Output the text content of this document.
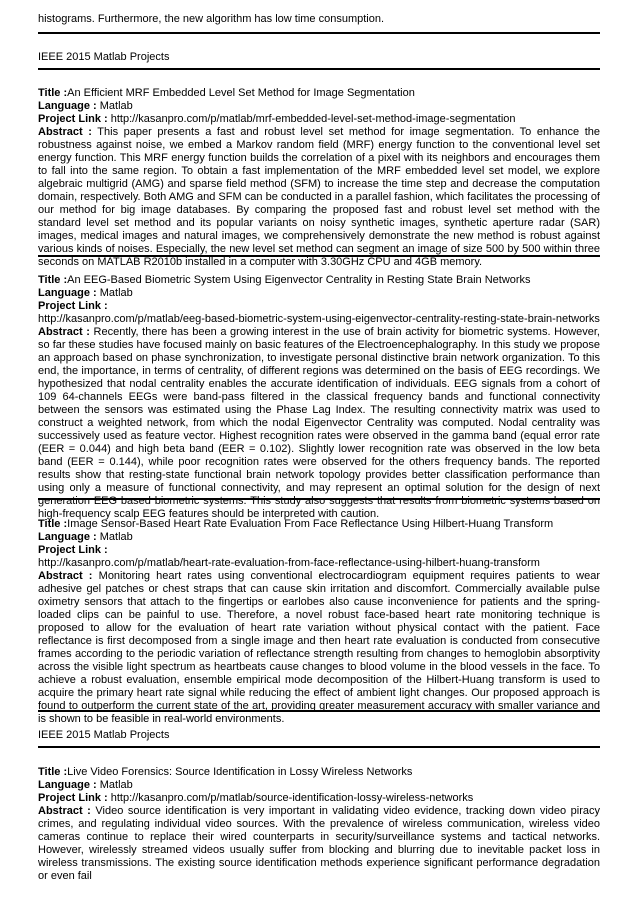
histograms. Furthermore, the new algorithm has low time consumption.

IEEE 2015 Matlab Projects

Title :An Efficient MRF Embedded Level Set Method for Image Segmentation

Language : Matlab

Project Link : http://kasanpro.com/p/matlab/mrf-embedded-level-set-method-image-segmentation

Abstract : This paper presents a fast and robust level set method for image segmentation. To enhance the robustness against noise, we embed a Markov random field (MRF) energy function to the conventional level set energy function. This MRF energy function builds the correlation of a pixel with its neighbors and encourages them to fall into the same region. To obtain a fast implementation of the MRF embedded level set model, we explore algebraic multigrid (AMG) and sparse field method (SFM) to increase the time step and decrease the computation domain, respectively. Both AMG and SFM can be conducted in a parallel fashion, which facilitates the processing of our method for big image databases. By comparing the proposed fast and robust level set method with the standard level set method and its popular variants on noisy synthetic images, synthetic aperture radar (SAR) images, medical images and natural images, we comprehensively demonstrate the new method is robust against various kinds of noises. Especially, the new level set method can segment an image of size 500 by 500 within three seconds on MATLAB R2010b installed in a computer with 3.30GHz CPU and 4GB memory.

Title :An EEG-Based Biometric System Using Eigenvector Centrality in Resting State Brain Networks

Language : Matlab

Project Link :

http://kasanpro.com/p/matlab/eeg-based-biometric-system-using-eigenvector-centrality-resting-state-brain-networks

Abstract : Recently, there has been a growing interest in the use of brain activity for biometric systems. However, so far these studies have focused mainly on basic features of the Electroencephalography. In this study we propose an approach based on phase synchronization, to investigate personal distinctive brain network organization. To this end, the importance, in terms of centrality, of different regions was determined on the basis of EEG recordings. We hypothesized that nodal centrality enables the accurate identification of individuals. EEG signals from a cohort of 109 64-channels EEGs were band-pass filtered in the classical frequency bands and functional connectivity between the sensors was estimated using the Phase Lag Index. The resulting connectivity matrix was used to construct a weighted network, from which the nodal Eigenvector Centrality was computed. Nodal centrality was successively used as feature vector. Highest recognition rates were observed in the gamma band (equal error rate (EER = 0.044) and high beta band (EER = 0.102). Slightly lower recognition rate was observed in the low beta band (EER = 0.144), while poor recognition rates were observed for the others frequency bands. The reported results show that resting-state functional brain network topology provides better classification performance than using only a measure of functional connectivity, and may represent an optimal solution for the design of next generation EEG based biometric systems. This study also suggests that results from biometric systems based on high-frequency scalp EEG features should be interpreted with caution.

Title :Image Sensor-Based Heart Rate Evaluation From Face Reflectance Using Hilbert-Huang Transform

Language : Matlab

Project Link :

http://kasanpro.com/p/matlab/heart-rate-evaluation-from-face-reflectance-using-hilbert-huang-transform

Abstract : Monitoring heart rates using conventional electrocardiogram equipment requires patients to wear adhesive gel patches or chest straps that can cause skin irritation and discomfort. Commercially available pulse oximetry sensors that attach to the fingertips or earlobes also cause inconvenience for patients and the spring-loaded clips can be painful to use. Therefore, a novel robust face-based heart rate monitoring technique is proposed to allow for the evaluation of heart rate variation without physical contact with the patient. Face reflectance is first decomposed from a single image and then heart rate evaluation is conducted from consecutive frames according to the periodic variation of reflectance strength resulting from changes to hemoglobin absorptivity across the visible light spectrum as heartbeats cause changes to blood volume in the blood vessels in the face. To achieve a robust evaluation, ensemble empirical mode decomposition of the Hilbert-Huang transform is used to acquire the primary heart rate signal while reducing the effect of ambient light changes. Our proposed approach is found to outperform the current state of the art, providing greater measurement accuracy with smaller variance and is shown to be feasible in real-world environments.

IEEE 2015 Matlab Projects

Title :Live Video Forensics: Source Identification in Lossy Wireless Networks

Language : Matlab

Project Link : http://kasanpro.com/p/matlab/source-identification-lossy-wireless-networks

Abstract : Video source identification is very important in validating video evidence, tracking down video piracy crimes, and regulating individual video sources. With the prevalence of wireless communication, wireless video cameras continue to replace their wired counterparts in security/surveillance systems and tactical networks. However, wirelessly streamed videos usually suffer from blocking and blurring due to inevitable packet loss in wireless transmissions. The existing source identification methods experience significant performance degradation or even fail
